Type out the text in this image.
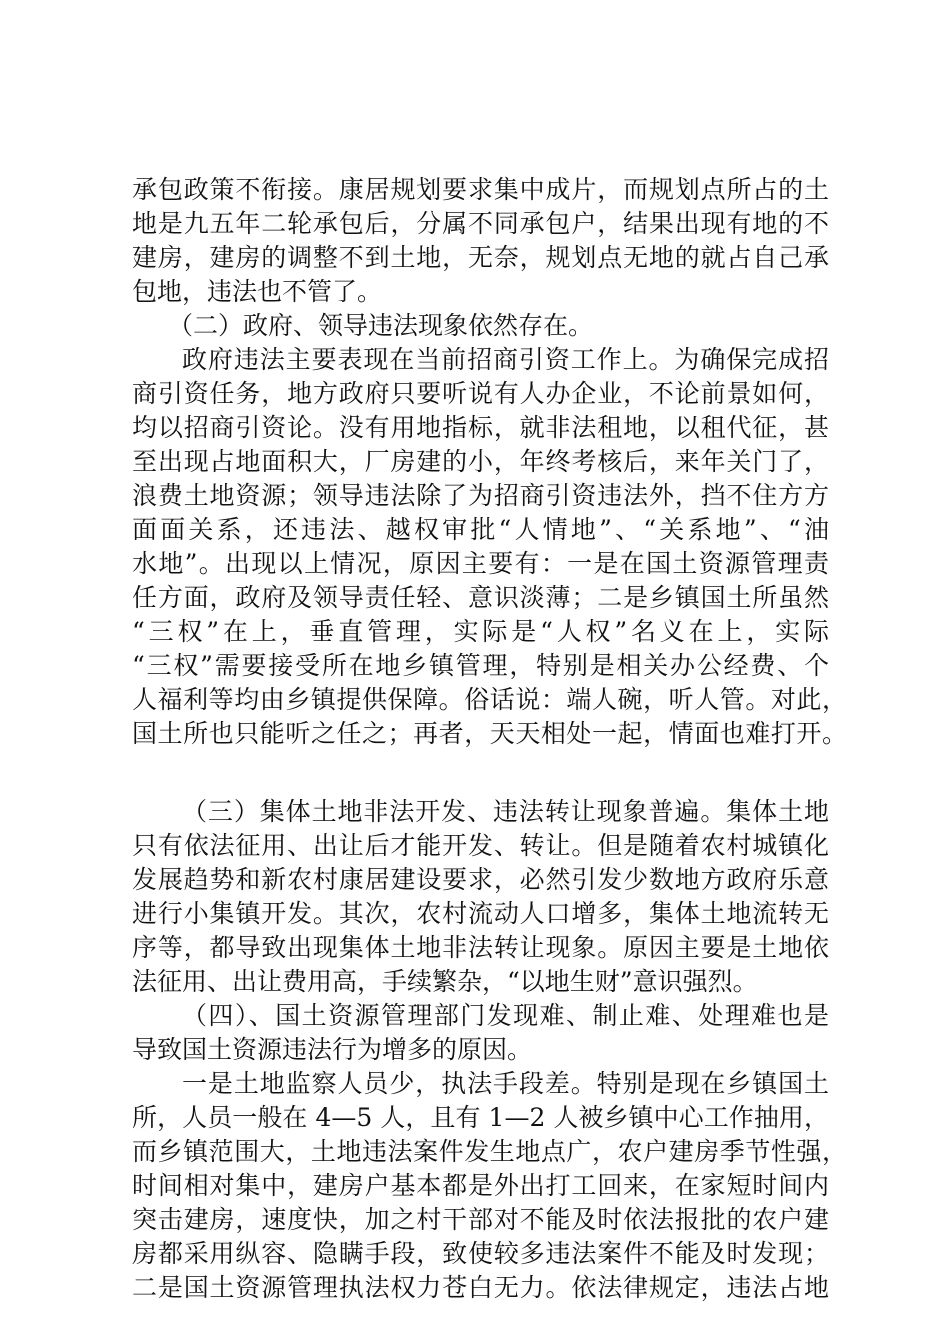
承包政策不衔接。康居规划要求集中成片，而规划点所占的土
地是九五年二轮承包后，分属不同承包户，结果出现有地的不
建房，建房的调整不到土地，无奈，规划点无地的就占自己承
包地，违法也不管了。
（二）政府、领导违法现象依然存在。
政府违法主要表现在当前招商引资工作上。为确保完成招
商引资任务，地方政府只要听说有人办企业，不论前景如何，
均以招商引资论。没有用地指标，就非法租地，以租代征，甚
至出现占地面积大，厂房建的小，年终考核后，来年关门了，
浪费土地资源；领导违法除了为招商引资违法外，挡不住方方
面面关系，还违法、越权审批“人情地”、“关系地”、“油
水地”。出现以上情况，原因主要有：一是在国土资源管理责
任方面，政府及领导责任轻、意识淡薄；二是乡镇国土所虽然
“三权”在上，垂直管理，实际是“人权”名义在上，实际
“三权”需要接受所在地乡镇管理，特别是相关办公经费、个
人福利等均由乡镇提供保障。俗话说：端人碗，听人管。对此，
国土所也只能听之任之；再者，天天相处一起，情面也难打开。
（三）集体土地非法开发、违法转让现象普遍。集体土地
只有依法征用、出让后才能开发、转让。但是随着农村城镇化
发展趋势和新农村康居建设要求，必然引发少数地方政府乐意
进行小集镇开发。其次，农村流动人口增多，集体土地流转无
序等，都导致出现集体土地非法转让现象。原因主要是土地依
法征用、出让费用高，手续繁杂，“以地生财”意识强烈。
（四）、国土资源管理部门发现难、制止难、处理难也是
导致国土资源违法行为增多的原因。
一是土地监察人员少，执法手段差。特别是现在乡镇国土
所，人员一般在 4—5 人，且有 1—2 人被乡镇中心工作抽用，
而乡镇范围大，土地违法案件发生地点广，农户建房季节性强，
时间相对集中，建房户基本都是外出打工回来，在家短时间内
突击建房，速度快，加之村干部对不能及时依法报批的农户建
房都采用纵容、隐瞒手段，致使较多违法案件不能及时发现；
二是国土资源管理执法权力苍白无力。依法律规定，违法占地
